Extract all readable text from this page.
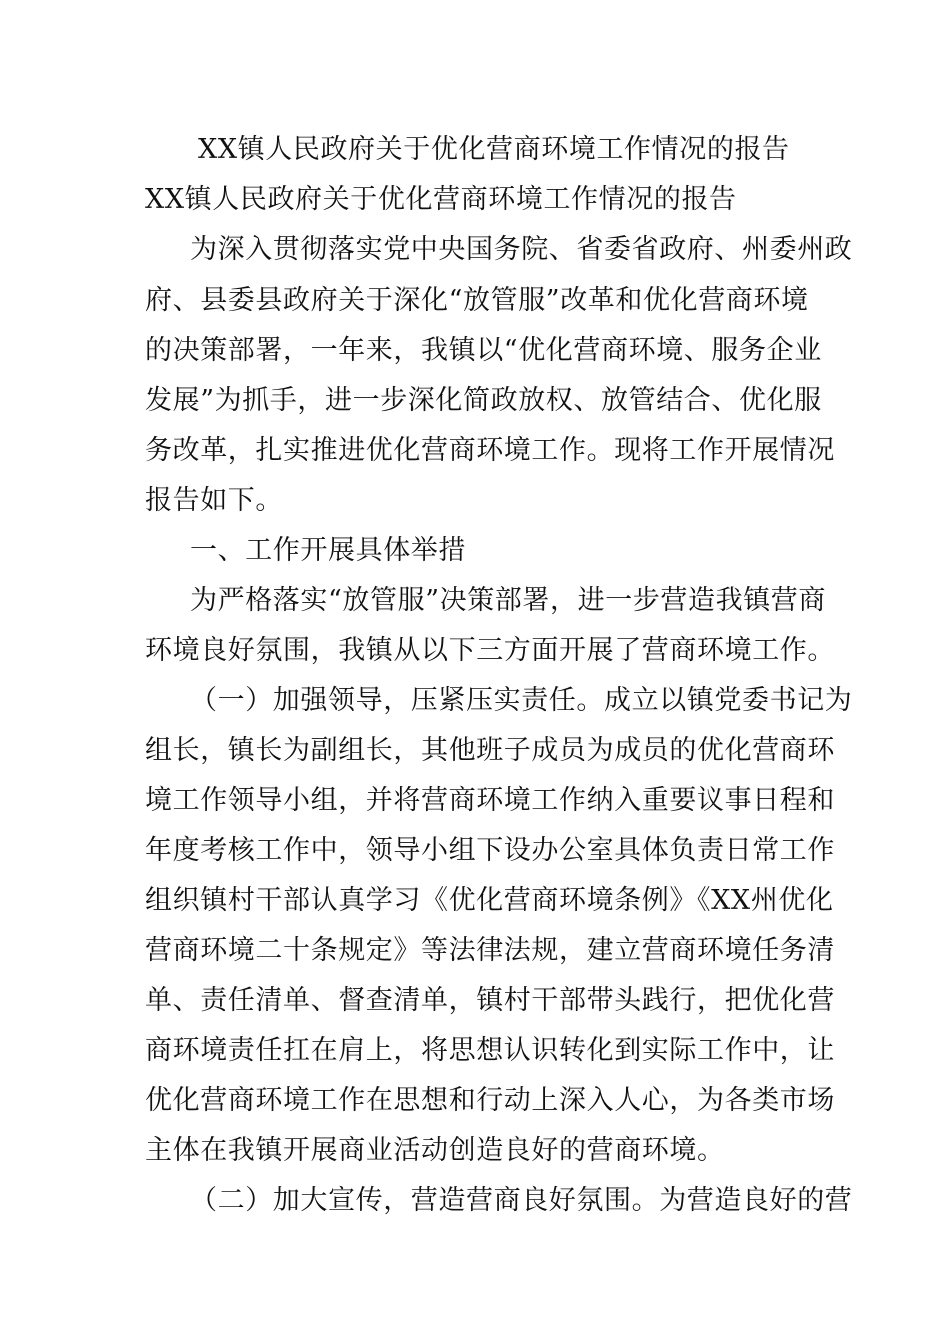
XX镇人民政府关于优化营商环境工作情况的报告
XX镇人民政府关于优化营商环境工作情况的报告
为深入贯彻落实党中央国务院、省委省政府、州委州政
府、县委县政府关于深化“放管服”改革和优化营商环境
的决策部署，一年来，我镇以“优化营商环境、服务企业
发展”为抓手，进一步深化简政放权、放管结合、优化服
务改革，扎实推进优化营商环境工作。现将工作开展情况
报告如下。
一、工作开展具体举措
为严格落实“放管服”决策部署，进一步营造我镇营商
环境良好氛围，我镇从以下三方面开展了营商环境工作。
（一）加强领导，压紧压实责任。成立以镇党委书记为
组长，镇长为副组长，其他班子成员为成员的优化营商环
境工作领导小组，并将营商环境工作纳入重要议事日程和
年度考核工作中，领导小组下设办公室具体负责日常工作
组织镇村干部认真学习《优化营商环境条例》《XX州优化
营商环境二十条规定》等法律法规，建立营商环境任务清
单、责任清单、督查清单，镇村干部带头践行，把优化营
商环境责任扛在肩上，将思想认识转化到实际工作中，让
优化营商环境工作在思想和行动上深入人心，为各类市场
主体在我镇开展商业活动创造良好的营商环境。
（二）加大宣传，营造营商良好氛围。为营造良好的营
